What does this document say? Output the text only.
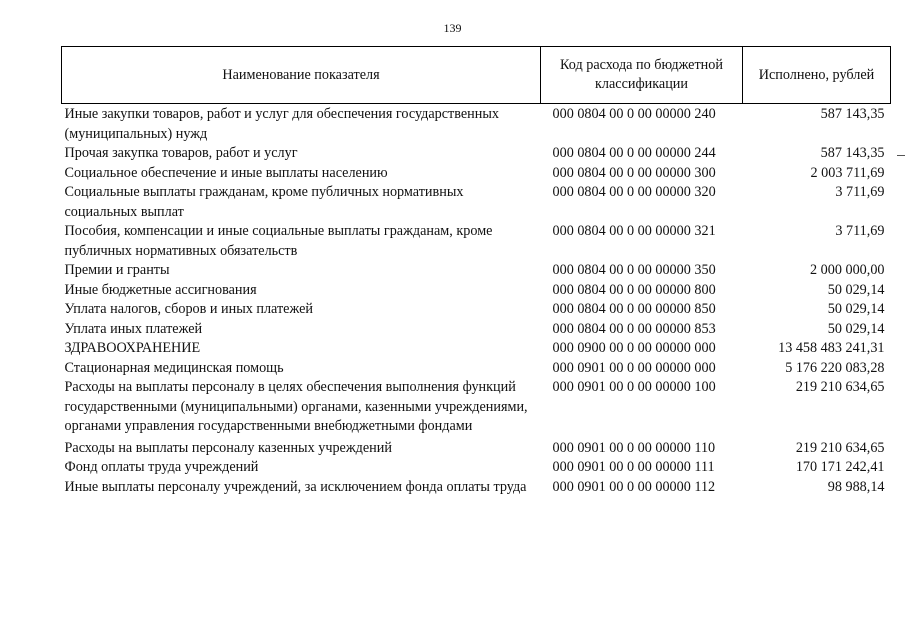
139
Наименование показателя	Код расхода по бюджетной классификации	Исполнено, рублей
Иные закупки товаров, работ и услуг для обеспечения государственных (муниципальных) нужд	000 0804 00 0 00 00000 240	587 143,35
Прочая закупка товаров, работ и услуг	000 0804 00 0 00 00000 244	587 143,35
Социальное обеспечение и иные выплаты населению	000 0804 00 0 00 00000 300	2 003 711,69
Социальные выплаты гражданам, кроме публичных нормативных социальных выплат	000 0804 00 0 00 00000 320	3 711,69
Пособия, компенсации и иные социальные выплаты гражданам, кроме публичных нормативных обязательств	000 0804 00 0 00 00000 321	3 711,69
Премии и гранты	000 0804 00 0 00 00000 350	2 000 000,00
Иные бюджетные ассигнования	000 0804 00 0 00 00000 800	50 029,14
Уплата налогов, сборов и иных платежей	000 0804 00 0 00 00000 850	50 029,14
Уплата иных платежей	000 0804 00 0 00 00000 853	50 029,14
ЗДРАВООХРАНЕНИЕ	000 0900 00 0 00 00000 000	13 458 483 241,31
Стационарная медицинская помощь	000 0901 00 0 00 00000 000	5 176 220 083,28
Расходы на выплаты персоналу в целях обеспечения выполнения функций государственными (муниципальными) органами, казенными учреждениями, органами управления государственными внебюджетными фондами	000 0901 00 0 00 00000 100	219 210 634,65
Расходы на выплаты персоналу казенных учреждений	000 0901 00 0 00 00000 110	219 210 634,65
Фонд оплаты труда учреждений	000 0901 00 0 00 00000 111	170 171 242,41
Иные выплаты персоналу учреждений, за исключением фонда оплаты труда	000 0901 00 0 00 00000 112	98 988,14
